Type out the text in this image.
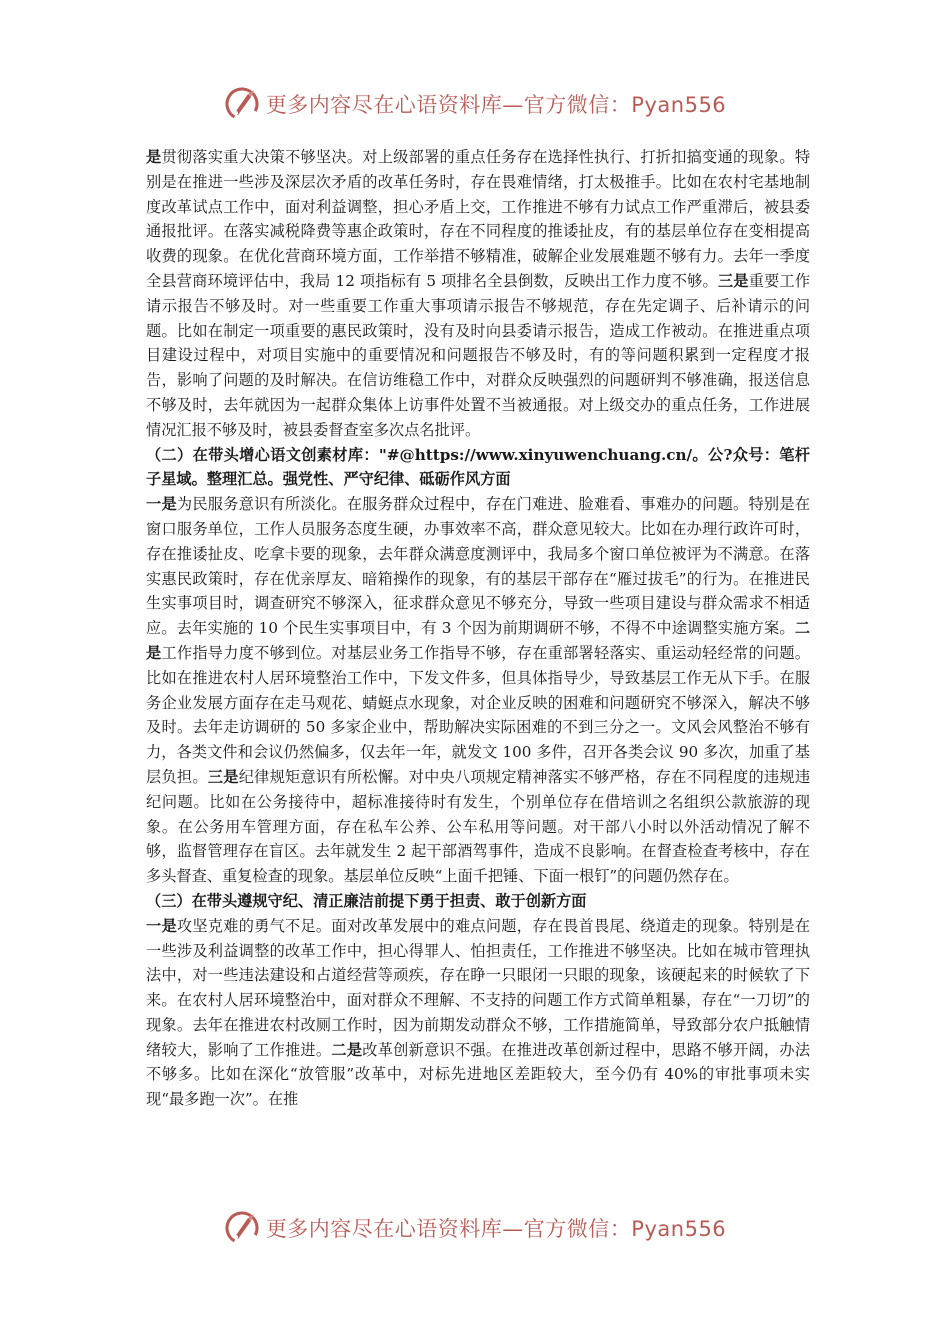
更多内容尽在心语资料库—官方微信：Pyan556

是贯彻落实重大决策不够坚决。对上级部署的重点任务存在选择性执行、打折扣搞变通的现象。特别是在推进一些涉及深层次矛盾的改革任务时，存在畏难情绪，打太极推手。比如在农村宅基地制度改革试点工作中，面对利益调整，担心矛盾上交，工作推进不够有力试点工作严重滞后，被县委通报批评。在落实减税降费等惠企政策时，存在不同程度的推诿扯皮，有的基层单位存在变相提高收费的现象。在优化营商环境方面，工作举措不够精准，破解企业发展难题不够有力。去年一季度全县营商环境评估中，我局 12 项指标有 5 项排名全县倒数，反映出工作力度不够。三是重要工作请示报告不够及时。对一些重要工作重大事项请示报告不够规范，存在先定调子、后补请示的问题。比如在制定一项重要的惠民政策时，没有及时向县委请示报告，造成工作被动。在推进重点项目建设过程中，对项目实施中的重要情况和问题报告不够及时，有的等问题积累到一定程度才报告，影响了问题的及时解决。在信访维稳工作中，对群众反映强烈的问题研判不够准确，报送信息不够及时，去年就因为一起群众集体上访事件处置不当被通报。对上级交办的重点任务，工作进展情况汇报不够及时，被县委督查室多次点名批评。

（二）在带头增心语文创素材库："#@https://www.xinyuwenchuang.cn/。公?众号：笔杆子星域。整理汇总。强党性、严守纪律、砥砺作风方面

一是为民服务意识有所淡化。在服务群众过程中，存在门难进、脸难看、事难办的问题。特别是在窗口服务单位，工作人员服务态度生硬，办事效率不高，群众意见较大。比如在办理行政许可时，存在推诿扯皮、吃拿卡要的现象，去年群众满意度测评中，我局多个窗口单位被评为不满意。在落实惠民政策时，存在优亲厚友、暗箱操作的现象，有的基层干部存在“雁过拔毛”的行为。在推进民生实事项目时，调查研究不够深入，征求群众意见不够充分，导致一些项目建设与群众需求不相适应。去年实施的 10 个民生实事项目中，有 3 个因为前期调研不够，不得不中途调整实施方案。二是工作指导力度不够到位。对基层业务工作指导不够，存在重部署轻落实、重运动轻经常的问题。比如在推进农村人居环境整治工作中，下发文件多，但具体指导少，导致基层工作无从下手。在服务企业发展方面存在走马观花、蜻蜓点水现象，对企业反映的困难和问题研究不够深入，解决不够及时。去年走访调研的 50 多家企业中，帮助解决实际困难的不到三分之一。文风会风整治不够有力，各类文件和会议仍然偏多，仅去年一年，就发文 100 多件，召开各类会议 90 多次，加重了基层负担。三是纪律规矩意识有所松懈。对中央八项规定精神落实不够严格，存在不同程度的违规违纪问题。比如在公务接待中，超标准接待时有发生，个别单位存在借培训之名组织公款旅游的现象。在公务用车管理方面，存在私车公养、公车私用等问题。对干部八小时以外活动情况了解不够，监督管理存在盲区。去年就发生 2 起干部酒驾事件，造成不良影响。在督查检查考核中，存在多头督查、重复检查的现象。基层单位反映“上面千把锤、下面一根钉”的问题仍然存在。

（三）在带头遵规守纪、清正廉洁前提下勇于担责、敢于创新方面

一是攻坚克难的勇气不足。面对改革发展中的难点问题，存在畏首畏尾、绕道走的现象。特别是在一些涉及利益调整的改革工作中，担心得罪人、怕担责任，工作推进不够坚决。比如在城市管理执法中，对一些违法建设和占道经营等顽疾，存在睁一只眼闭一只眼的现象，该硬起来的时候软了下来。在农村人居环境整治中，面对群众不理解、不支持的问题工作方式简单粗暴，存在“一刀切”的现象。去年在推进农村改厕工作时，因为前期发动群众不够，工作措施简单，导致部分农户抵触情绪较大，影响了工作推进。二是改革创新意识不强。在推进改革创新过程中，思路不够开阔，办法不够多。比如在深化“放管服”改革中，对标先进地区差距较大，至今仍有 40%的审批事项未实现“最多跑一次”。在推

更多内容尽在心语资料库—官方微信：Pyan556
